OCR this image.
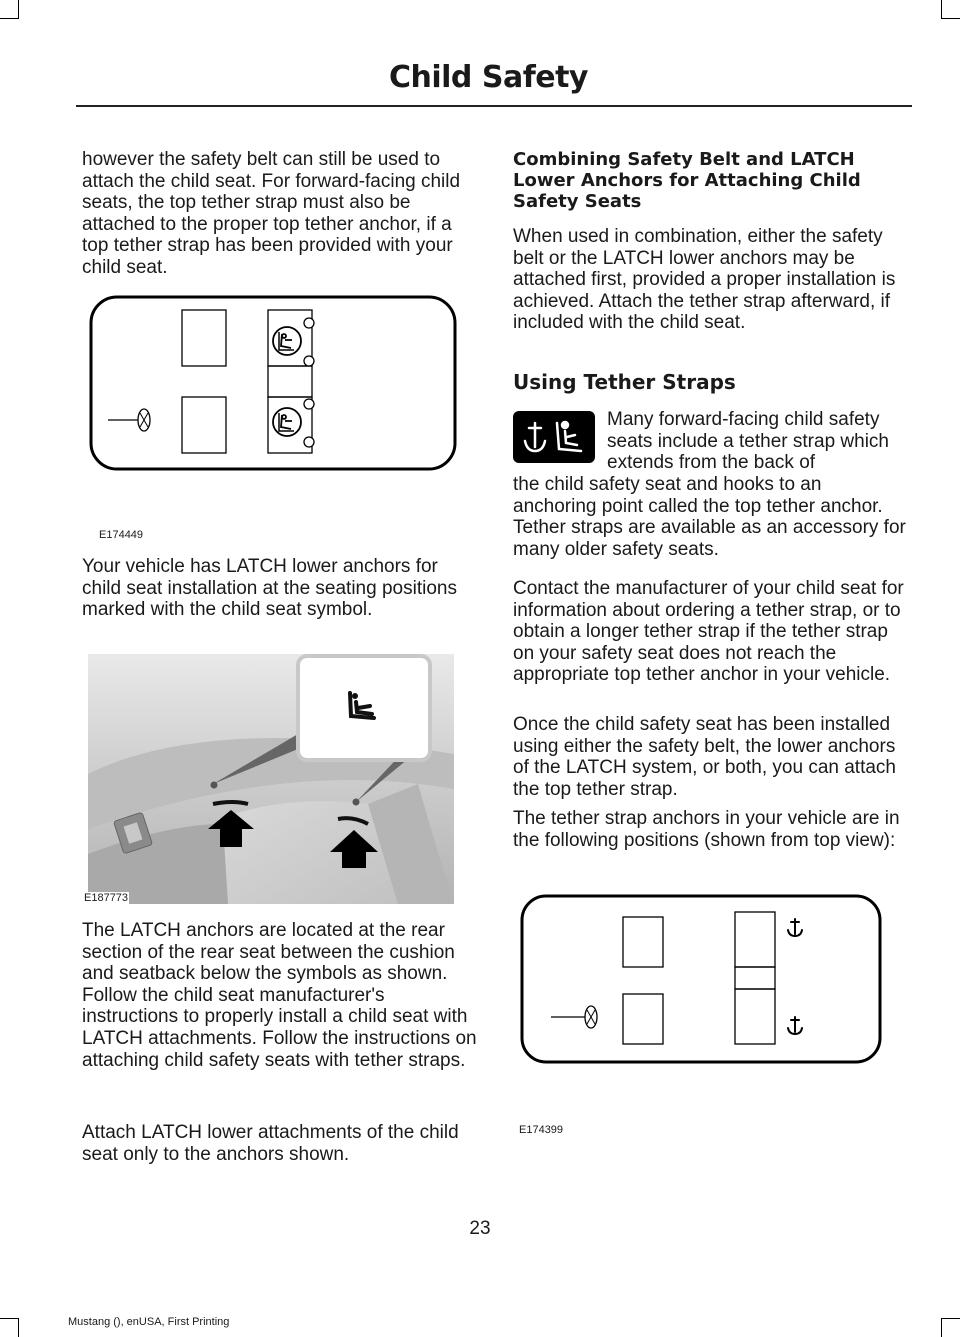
Child Safety

however the safety belt can still be used to attach the child seat. For forward-facing child seats, the top tether strap must also be attached to the proper top tether anchor, if a top tether strap has been provided with your child seat.

E174449

Your vehicle has LATCH lower anchors for child seat installation at the seating positions marked with the child seat symbol.

E187773

The LATCH anchors are located at the rear section of the rear seat between the cushion and seatback below the symbols as shown. Follow the child seat manufacturer's instructions to properly install a child seat with LATCH attachments. Follow the instructions on attaching child safety seats with tether straps.

Attach LATCH lower attachments of the child seat only to the anchors shown.

Combining Safety Belt and LATCH Lower Anchors for Attaching Child Safety Seats

When used in combination, either the safety belt or the LATCH lower anchors may be attached first, provided a proper installation is achieved. Attach the tether strap afterward, if included with the child seat.

Using Tether Straps

Many forward-facing child safety seats include a tether strap which extends from the back of

the child safety seat and hooks to an anchoring point called the top tether anchor. Tether straps are available as an accessory for many older safety seats.

Contact the manufacturer of your child seat for information about ordering a tether strap, or to obtain a longer tether strap if the tether strap on your safety seat does not reach the appropriate top tether anchor in your vehicle.

Once the child safety seat has been installed using either the safety belt, the lower anchors of the LATCH system, or both, you can attach the top tether strap.

The tether strap anchors in your vehicle are in the following positions (shown from top view):

E174399
23
Mustang (), enUSA, First Printing
